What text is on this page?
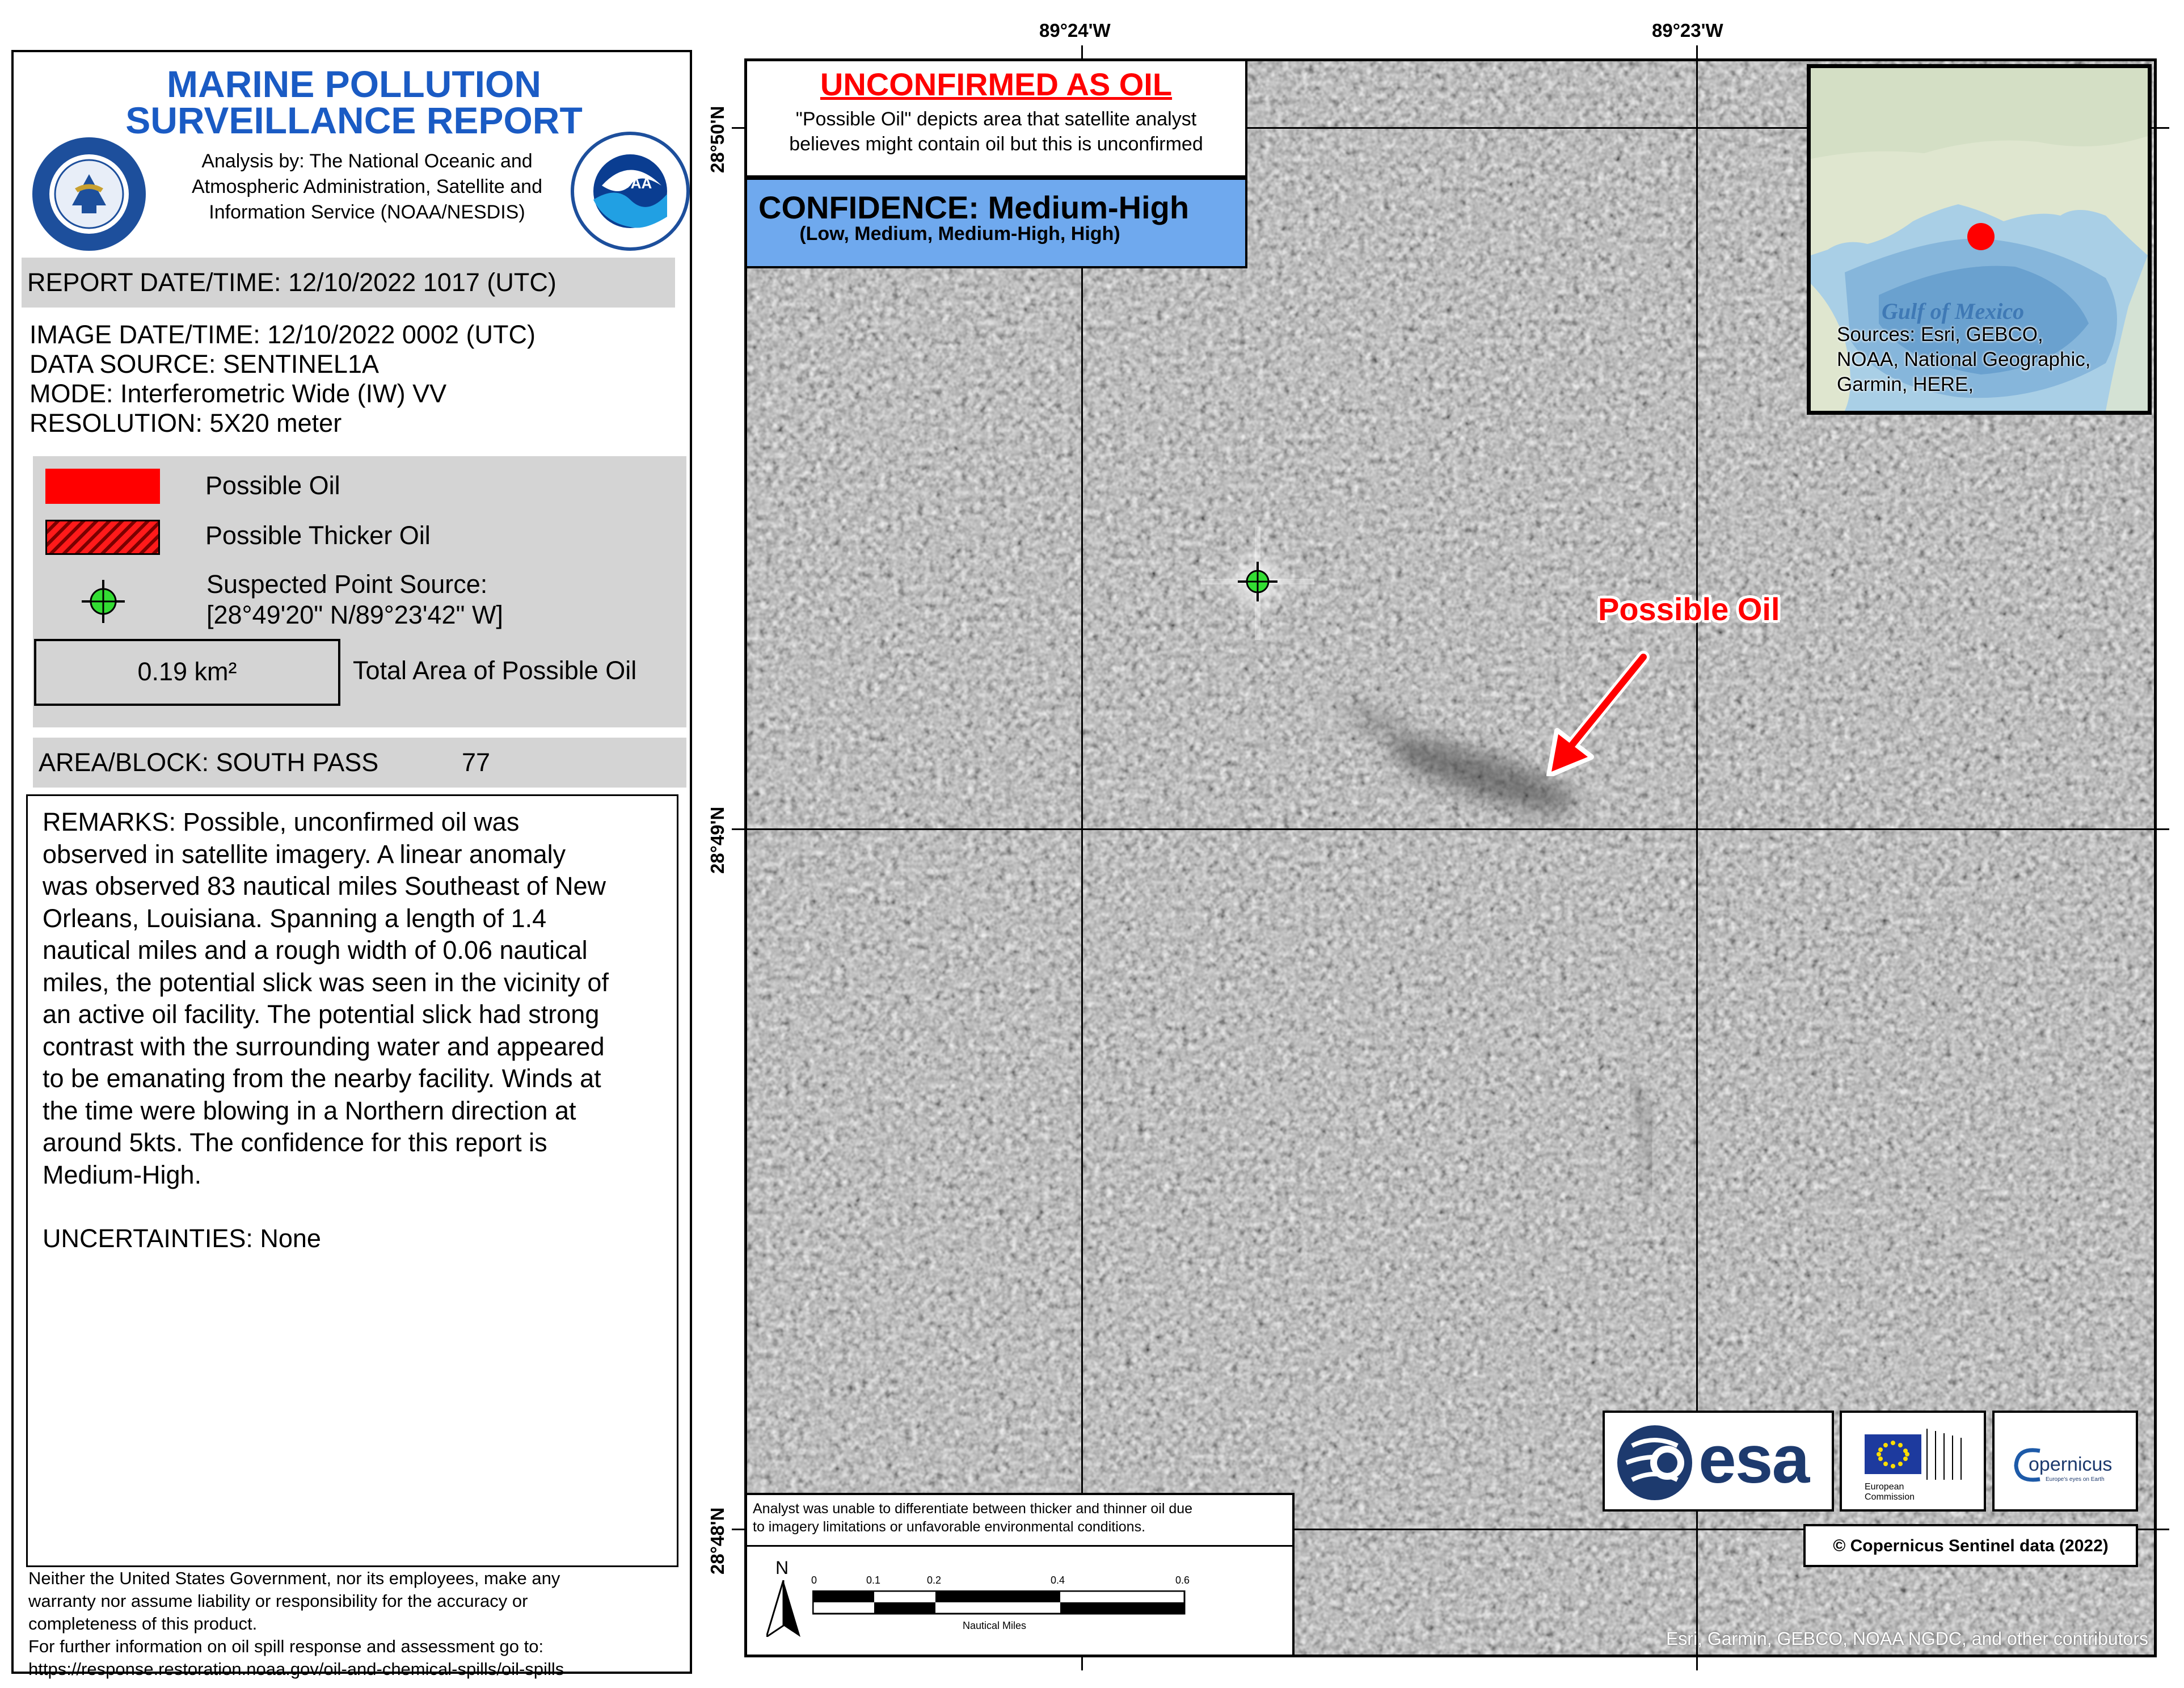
MARINE POLLUTION
SURVEILLANCE REPORT
Analysis by: The National Oceanic and
Atmospheric Administration, Satellite and
Information Service (NOAA/NESDIS)
NOAA
REPORT DATE/TIME: 12/10/2022 1017 (UTC)
IMAGE DATE/TIME: 12/10/2022 0002 (UTC)
DATA SOURCE: SENTINEL1A
MODE: Interferometric Wide (IW) VV
RESOLUTION: 5X20 meter
Possible Oil
Possible Thicker Oil
Suspected Point Source:
[28°49'20" N/89°23'42" W]
0.19 km²	Total Area of Possible Oil
AREA/BLOCK: SOUTH PASS	77
REMARKS: Possible, unconfirmed oil was
observed in satellite imagery. A linear anomaly
was observed 83 nautical miles Southeast of New
Orleans, Louisiana. Spanning a length of 1.4
nautical miles and a rough width of 0.06 nautical
miles, the potential slick was seen in the vicinity of
an active oil facility. The potential slick had strong
contrast with the surrounding water and appeared
to be emanating from the nearby facility. Winds at
the time were blowing in a Northern direction at
around 5kts. The confidence for this report is
Medium-High.
UNCERTAINTIES: None
Neither the United States Government, nor its employees, make any
warranty nor assume liability or responsibility for the accuracy or
completeness of this product.
For further information on oil spill response and assessment go to:
https://response.restoration.noaa.gov/oil-and-chemical-spills/oil-spills
89°24'W	89°23'W
28°50'N
28°49'N
28°48'N
Possible Oil
UNCONFIRMED AS OIL
"Possible Oil" depicts area that satellite analyst
believes might contain oil but this is unconfirmed
CONFIDENCE: Medium-High
(Low, Medium, Medium-High, High)
Gulf of Mexico
Sources: Esri, GEBCO,
NOAA, National Geographic,
Garmin, HERE,
esa	European
Commission
opernicus
Europe's eyes on Earth
© Copernicus Sentinel data (2022)
Analyst was unable to differentiate between thicker and thinner oil due
to imagery limitations or unfavorable environmental conditions.
N
0	0.1	0.2	0.4	0.6
Nautical Miles
Esri, Garmin, GEBCO, NOAA NGDC, and other contributors
